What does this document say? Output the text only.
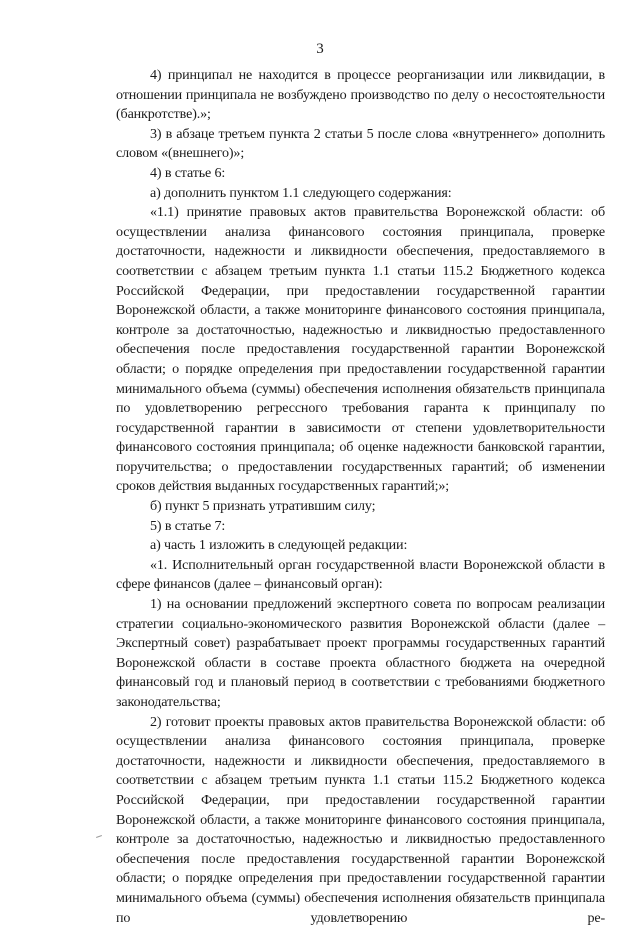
3

4) принципал не находится в процессе реорганизации или ликвидации, в отношении принципала не возбуждено производство по делу о несостоятельности (банкротстве).»;

3) в абзаце третьем пункта 2 статьи 5 после слова «внутреннего» дополнить словом «(внешнего)»;

4) в статье 6:

а) дополнить пунктом 1.1 следующего содержания:

«1.1) принятие правовых актов правительства Воронежской области: об осуществлении анализа финансового состояния принципала, проверке достаточности, надежности и ликвидности обеспечения, предоставляемого в соответствии с абзацем третьим пункта 1.1 статьи 115.2 Бюджетного кодекса Российской Федерации, при предоставлении государственной гарантии Воронежской области, а также мониторинге финансового состояния принципала, контроле за достаточностью, надежностью и ликвидностью предоставленного обеспечения после предоставления государственной гарантии Воронежской области; о порядке определения при предоставлении государственной гарантии минимального объема (суммы) обеспечения исполнения обязательств принципала по удовлетворению регрессного требования гаранта к принципалу по государственной гарантии в зависимости от степени удовлетворительности финансового состояния принципала; об оценке надежности банковской гарантии, поручительства; о предоставлении государственных гарантий; об изменении сроков действия выданных государственных гарантий;»;

б) пункт 5 признать утратившим силу;

5) в статье 7:

а) часть 1 изложить в следующей редакции:

«1. Исполнительный орган государственной власти Воронежской области в сфере финансов (далее – финансовый орган):

1) на основании предложений экспертного совета по вопросам реализации стратегии социально-экономического развития Воронежской области (далее – Экспертный совет) разрабатывает проект программы государственных гарантий Воронежской области в составе проекта областного бюджета на очередной финансовый год и плановый период в соответствии с требованиями бюджетного законодательства;

2) готовит проекты правовых актов правительства Воронежской области: об осуществлении анализа финансового состояния принципала, проверке достаточности, надежности и ликвидности обеспечения, предоставляемого в соответствии с абзацем третьим пункта 1.1 статьи 115.2 Бюджетного кодекса Российской Федерации, при предоставлении государственной гарантии Воронежской области, а также мониторинге финансового состояния принципала, контроле за достаточностью, надежностью и ликвидностью предоставленного обеспечения после предоставления государственной гарантии Воронежской области; о порядке определения при предоставлении государственной гарантии минимального объема (суммы) обеспечения исполнения обязательств принципала по удовлетворению ре-
